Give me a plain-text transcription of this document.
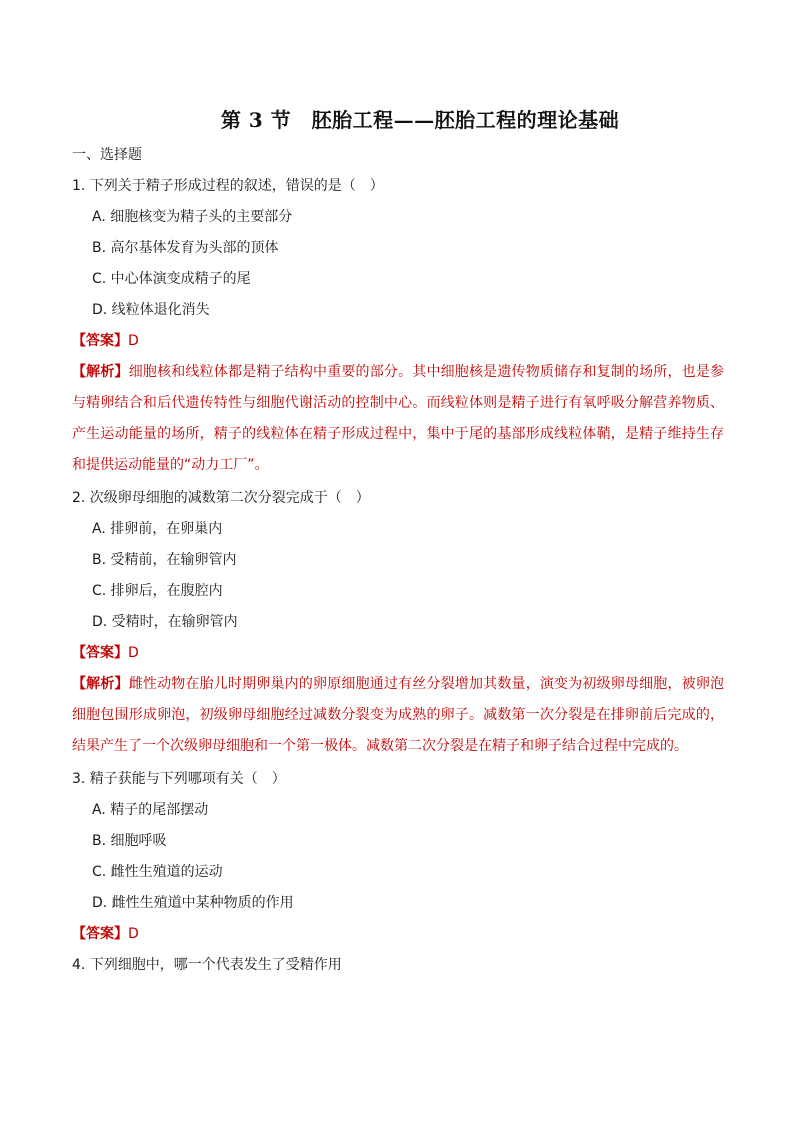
第 3 节　胚胎工程——胚胎工程的理论基础
一、选择题
1. 下列关于精子形成过程的叙述，错误的是（　）
A. 细胞核变为精子头的主要部分
B. 高尔基体发育为头部的顶体
C. 中心体演变成精子的尾
D. 线粒体退化消失
【答案】D
【解析】细胞核和线粒体都是精子结构中重要的部分。其中细胞核是遗传物质储存和复制的场所，也是参与精卵结合和后代遗传特性与细胞代谢活动的控制中心。而线粒体则是精子进行有氧呼吸分解营养物质、产生运动能量的场所，精子的线粒体在精子形成过程中，集中于尾的基部形成线粒体鞘，是精子维持生存和提供运动能量的“动力工厂”。
2. 次级卵母细胞的减数第二次分裂完成于（　）
A. 排卵前，在卵巢内
B. 受精前，在输卵管内
C. 排卵后，在腹腔内
D. 受精时，在输卵管内
【答案】D
【解析】雌性动物在胎儿时期卵巢内的卵原细胞通过有丝分裂增加其数量，演变为初级卵母细胞，被卵泡细胞包围形成卵泡，初级卵母细胞经过减数分裂变为成熟的卵子。减数第一次分裂是在排卵前后完成的，结果产生了一个次级卵母细胞和一个第一极体。减数第二次分裂是在精子和卵子结合过程中完成的。
3. 精子获能与下列哪项有关（　）
A. 精子的尾部摆动
B. 细胞呼吸
C. 雌性生殖道的运动
D. 雌性生殖道中某种物质的作用
【答案】D
4. 下列细胞中，哪一个代表发生了受精作用
